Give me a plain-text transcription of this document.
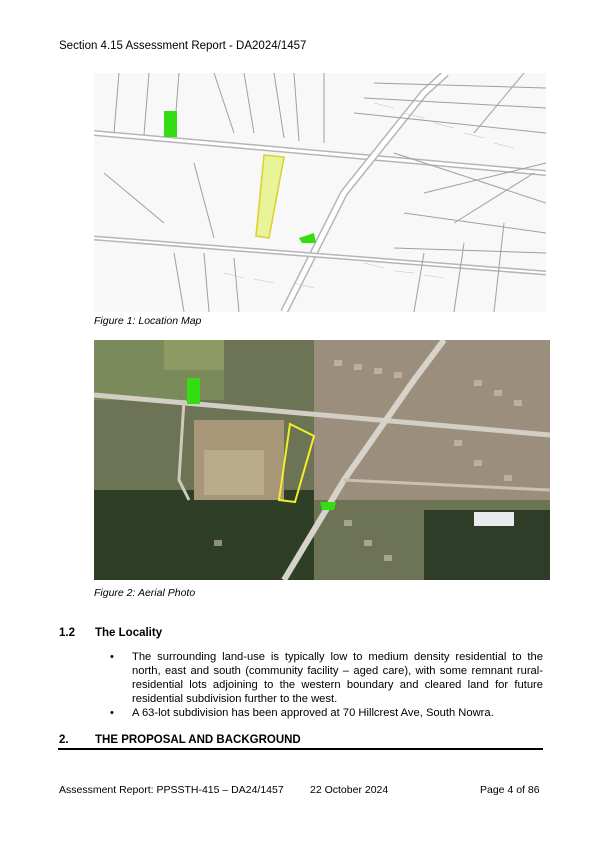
Section 4.15 Assessment Report - DA2024/1457
Figure 1: Location Map
Figure 2: Aerial Photo
1.2 The Locality
• The surrounding land-use is typically low to medium density residential to the north, east and south (community facility – aged care), with some remnant rural-residential lots adjoining to the western boundary and cleared land for future residential subdivision further to the west.
• A 63-lot subdivision has been approved at 70 Hillcrest Ave, South Nowra.
2. THE PROPOSAL AND BACKGROUND
Assessment Report: PPSSTH-415 – DA24/1457	22 October 2024	Page 4 of 86
